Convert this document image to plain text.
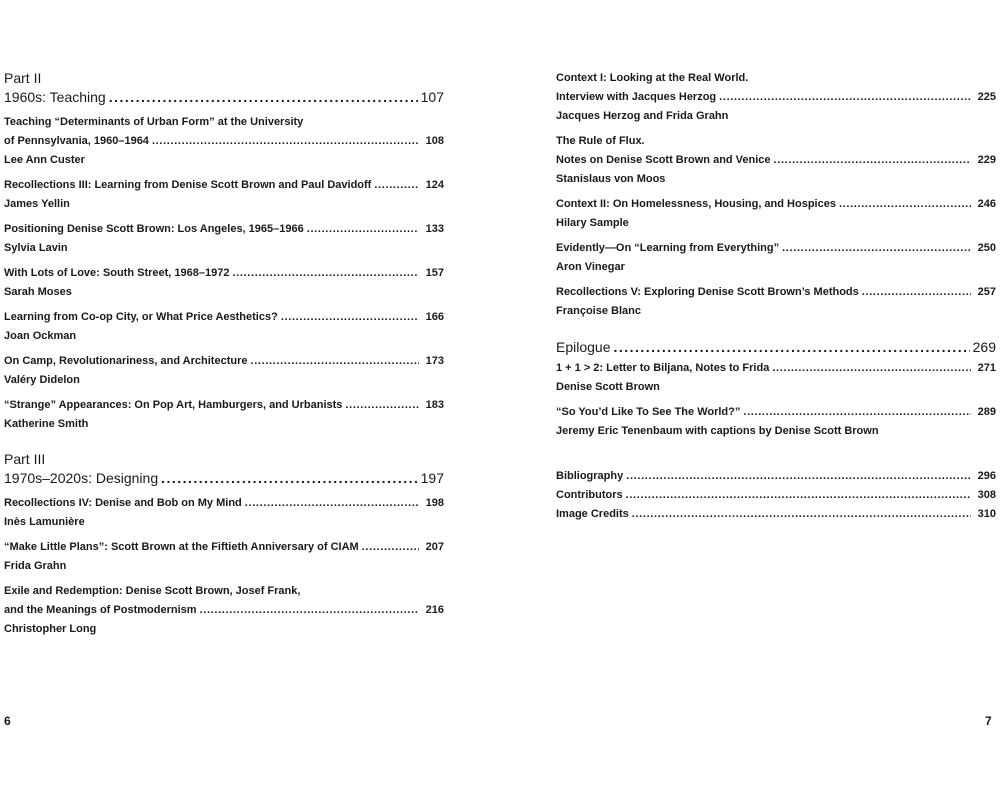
Part II
1960s: Teaching . . .	107
Teaching “Determinants of Urban Form” at the University
of Pennsylvania, 1960–1964 . . .	108
Lee Ann Custer
Recollections III: Learning from Denise Scott Brown and Paul Davidoff . . .	124
James Yellin
Positioning Denise Scott Brown: Los Angeles, 1965–1966 . . .	133
Sylvia Lavin
With Lots of Love: South Street, 1968–1972 . . .	157
Sarah Moses
Learning from Co-op City, or What Price Aesthetics? . . .	166
Joan Ockman
On Camp, Revolutionariness, and Architecture . . .	173
Valéry Didelon
“Strange” Appearances: On Pop Art, Hamburgers, and Urbanists . . .	183
Katherine Smith
Part III
1970s–2020s: Designing . . .	197
Recollections IV: Denise and Bob on My Mind . . .	198
Inès Lamunière
“Make Little Plans”: Scott Brown at the Fiftieth Anniversary of CIAM . . .	207
Frida Grahn
Exile and Redemption: Denise Scott Brown, Josef Frank,
and the Meanings of Postmodernism . . .	216
Christopher Long
6
Context I: Looking at the Real World.
Interview with Jacques Herzog . . .	225
Jacques Herzog and Frida Grahn
The Rule of Flux.
Notes on Denise Scott Brown and Venice . . .	229
Stanislaus von Moos
Context II: On Homelessness, Housing, and Hospices . . .	246
Hilary Sample
Evidently—On “Learning from Everything” . . .	250
Aron Vinegar
Recollections V: Exploring Denise Scott Brown’s Methods . . .	257
Françoise Blanc
Epilogue . . .	269
1 + 1 > 2: Letter to Biljana, Notes to Frida . . .	271
Denise Scott Brown
“So You’d Like To See The World?” . . .	289
Jeremy Eric Tenenbaum with captions by Denise Scott Brown
Bibliography . . .	296
Contributors . . .	308
Image Credits . . .	310
7
